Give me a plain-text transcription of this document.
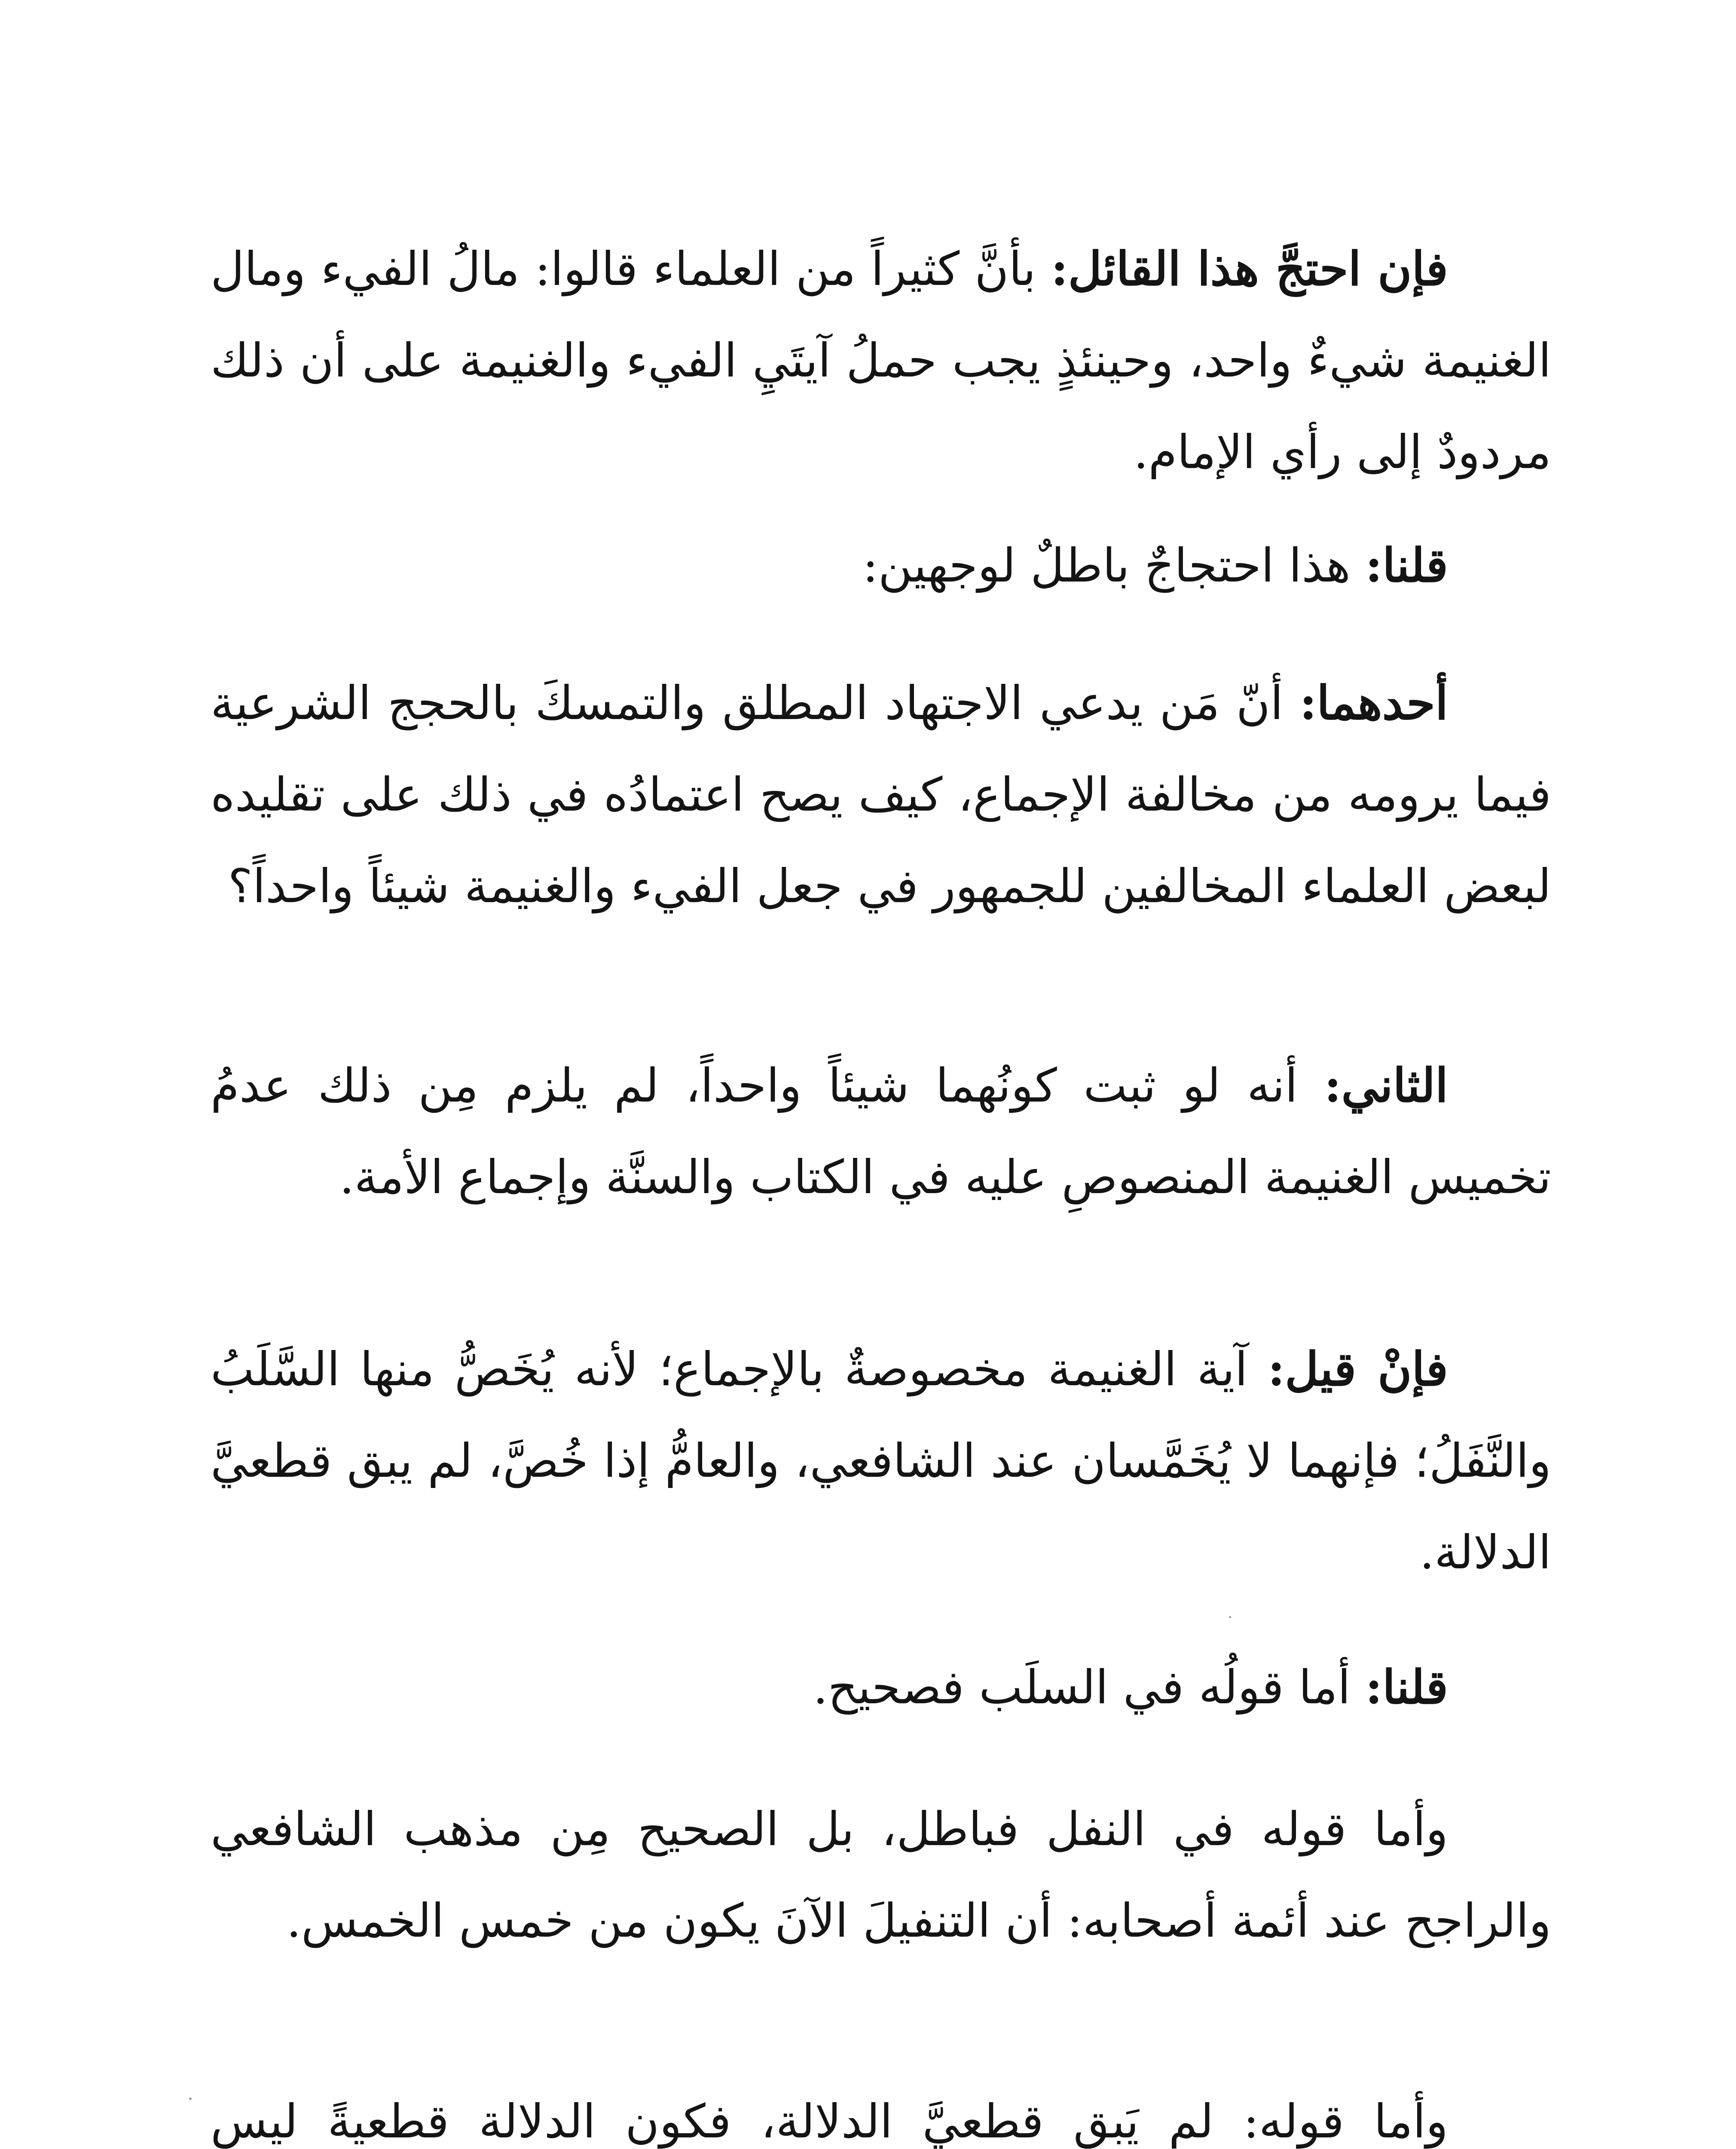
فإن احتجَّ هذا القائل: بأنَّ كثيراً من العلماء قالوا: مالُ الفيء ومال الغنيمة شيءٌ واحد، وحينئذٍ يجب حملُ آيتَيِ الفيء والغنيمة على أن ذلك مردودٌ إلى رأي الإمام.

قلنا: هذا احتجاجٌ باطلٌ لوجهين:

أحدهما: أنّ مَن يدعي الاجتهاد المطلق والتمسكَ بالحجج الشرعية فيما يرومه من مخالفة الإجماع، كيف يصح اعتمادُه في ذلك على تقليده لبعض العلماء المخالفين للجمهور في جعل الفيء والغنيمة شيئاً واحداً؟

الثاني: أنه لو ثبت كونُهما شيئاً واحداً، لم يلزم مِن ذلك عدمُ تخميس الغنيمة المنصوصِ عليه في الكتاب والسنَّة وإجماع الأمة.

فإنْ قيل: آية الغنيمة مخصوصةٌ بالإجماع؛ لأنه يُخَصُّ منها السَّلَبُ والنَّفَلُ؛ فإنهما لا يُخَمَّسان عند الشافعي، والعامُّ إذا خُصَّ، لم يبق قطعيَّ الدلالة.

قلنا: أما قولُه في السلَب فصحيح.

وأما قوله في النفل فباطل، بل الصحيح مِن مذهب الشافعي والراجح عند أئمة أصحابه: أن التنفيلَ الآنَ يكون من خمس الخمس.

وأما قوله: لم يَبق قطعيَّ الدلالة، فكون الدلالة قطعيةً ليس
